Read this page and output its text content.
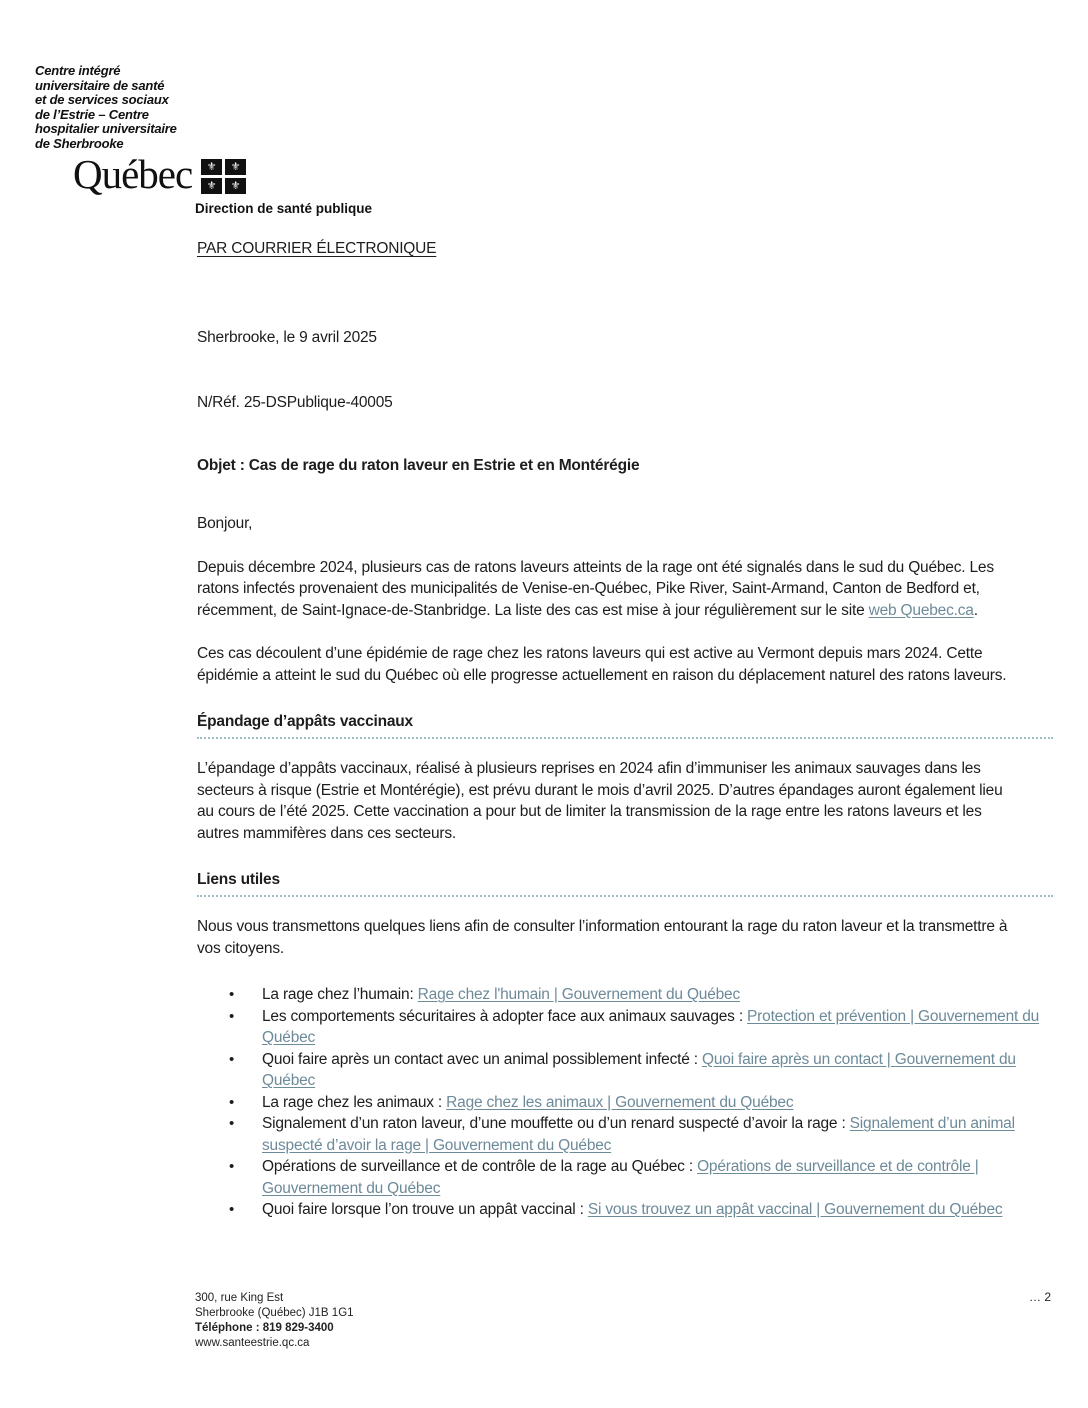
Centre intégré
universitaire de santé
et de services sociaux
de l’Estrie – Centre
hospitalier universitaire
de Sherbrooke
Québec	⚜	⚜
⚜	⚜
Direction de santé publique

PAR COURRIER ÉLECTRONIQUE

Sherbrooke, le 9 avril 2025

N/Réf. 25-DSPublique-40005

Objet : Cas de rage du raton laveur en Estrie et en Montérégie

Bonjour,

Depuis décembre 2024, plusieurs cas de ratons laveurs atteints de la rage ont été signalés dans le sud du Québec. Les ratons infectés provenaient des municipalités de Venise-en-Québec, Pike River, Saint-Armand, Canton de Bedford et, récemment, de Saint-Ignace-de-Stanbridge. La liste des cas est mise à jour régulièrement sur le site web Quebec.ca.

Ces cas découlent d’une épidémie de rage chez les ratons laveurs qui est active au Vermont depuis mars 2024. Cette épidémie a atteint le sud du Québec où elle progresse actuellement en raison du déplacement naturel des ratons laveurs.

Épandage d’appâts vaccinaux

L’épandage d’appâts vaccinaux, réalisé à plusieurs reprises en 2024 afin d’immuniser les animaux sauvages dans les secteurs à risque (Estrie et Montérégie), est prévu durant le mois d’avril 2025. D’autres épandages auront également lieu au cours de l’été 2025. Cette vaccination a pour but de limiter la transmission de la rage entre les ratons laveurs et les autres mammifères dans ces secteurs.

Liens utiles

Nous vous transmettons quelques liens afin de consulter l’information entourant la rage du raton laveur et la transmettre à vos citoyens.

• La rage chez l’humain: Rage chez l'humain | Gouvernement du Québec
• Les comportements sécuritaires à adopter face aux animaux sauvages : Protection et prévention | Gouvernement du Québec
• Quoi faire après un contact avec un animal possiblement infecté : Quoi faire après un contact | Gouvernement du Québec
• La rage chez les animaux : Rage chez les animaux | Gouvernement du Québec
• Signalement d’un raton laveur, d’une mouffette ou d’un renard suspecté d’avoir la rage : Signalement d’un animal suspecté d’avoir la rage | Gouvernement du Québec
• Opérations de surveillance et de contrôle de la rage au Québec : Opérations de surveillance et de contrôle | Gouvernement du Québec
• Quoi faire lorsque l’on trouve un appât vaccinal : Si vous trouvez un appât vaccinal | Gouvernement du Québec
300, rue King Est
Sherbrooke (Québec) J1B 1G1
Téléphone : 819 829-3400
www.santeestrie.qc.ca
… 2
